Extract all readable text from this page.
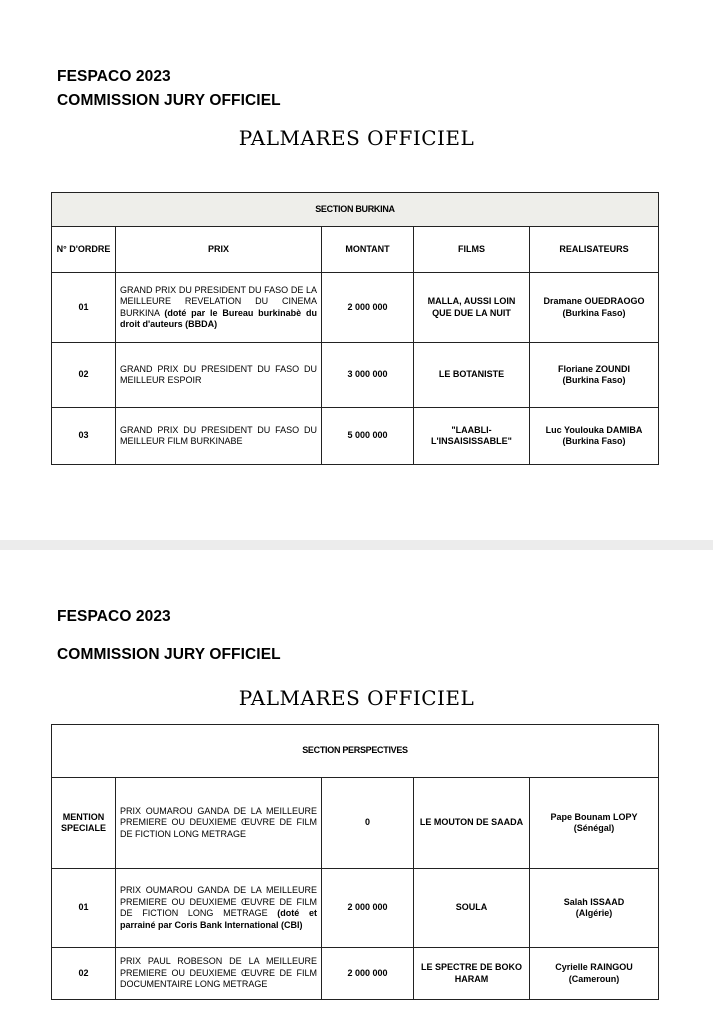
FESPACO 2023
COMMISSION JURY OFFICIEL
PALMARES OFFICIEL
SECTION BURKINA				
N° D'ORDRE	PRIX	MONTANT	FILMS	REALISATEURS
01	GRAND PRIX DU PRESIDENT DU FASO DE LA MEILLEURE REVELATION DU CINEMA BURKINA (doté par le Bureau burkinabè du droit d'auteurs (BBDA)	2 000 000	MALLA, AUSSI LOIN QUE DUE LA NUIT	Dramane OUEDRAOGO
(Burkina Faso)

02	GRAND PRIX DU PRESIDENT DU FASO DU MEILLEUR ESPOIR	3 000 000	LE BOTANISTE	Floriane ZOUNDI
(Burkina Faso)

03	GRAND PRIX DU PRESIDENT DU FASO DU MEILLEUR FILM BURKINABE	5 000 000	"LAABLI-L'INSAISISSABLE"	Luc Youlouka DAMIBA
(Burkina Faso)
FESPACO 2023
COMMISSION JURY OFFICIEL
PALMARES OFFICIEL
SECTION PERSPECTIVES				
MENTION SPECIALE	PRIX OUMAROU GANDA DE LA MEILLEURE PREMIERE OU DEUXIEME ŒUVRE DE FILM DE FICTION LONG METRAGE	0	LE MOUTON DE SAADA	Pape Bounam LOPY
(Sénégal)

01	PRIX OUMAROU GANDA DE LA MEILLEURE PREMIERE OU DEUXIEME ŒUVRE DE FILM DE FICTION LONG METRAGE (doté et parrainé par Coris Bank International (CBI)	2 000 000	SOULA	Salah ISSAAD
(Algérie)

02	PRIX PAUL ROBESON DE LA MEILLEURE PREMIERE OU DEUXIEME ŒUVRE DE FILM DOCUMENTAIRE LONG METRAGE	2 000 000	LE SPECTRE DE BOKO HARAM	Cyrielle RAINGOU
(Cameroun)
